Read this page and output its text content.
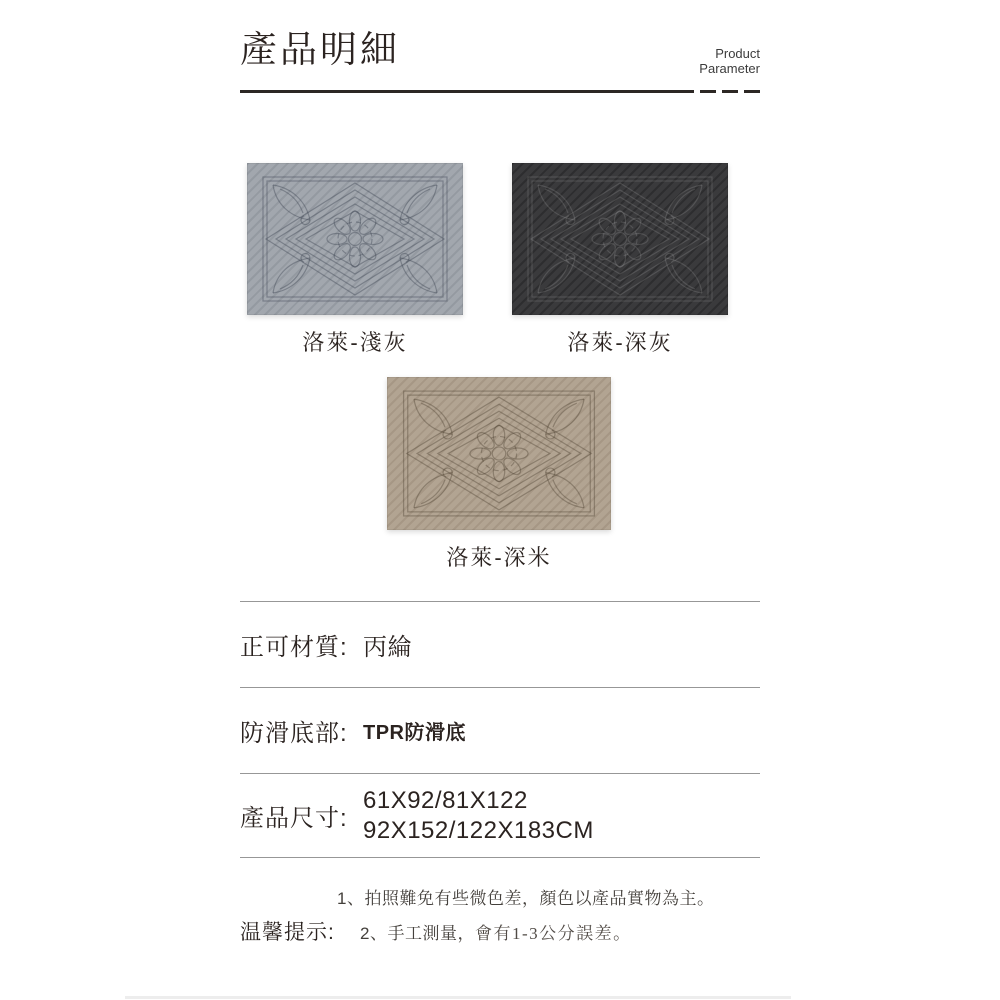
產品明細	Product
Parameter
洛萊-淺灰	洛萊-深灰
洛萊-深米
正可材質: 丙綸
防滑底部: TPR防滑底
產品尺寸:
61X92/81X122
92X152/122X183CM
1、拍照難免有些微色差，顏色以產品實物為主。
温馨提示:	2、手工測量，會有1-3公分誤差。
